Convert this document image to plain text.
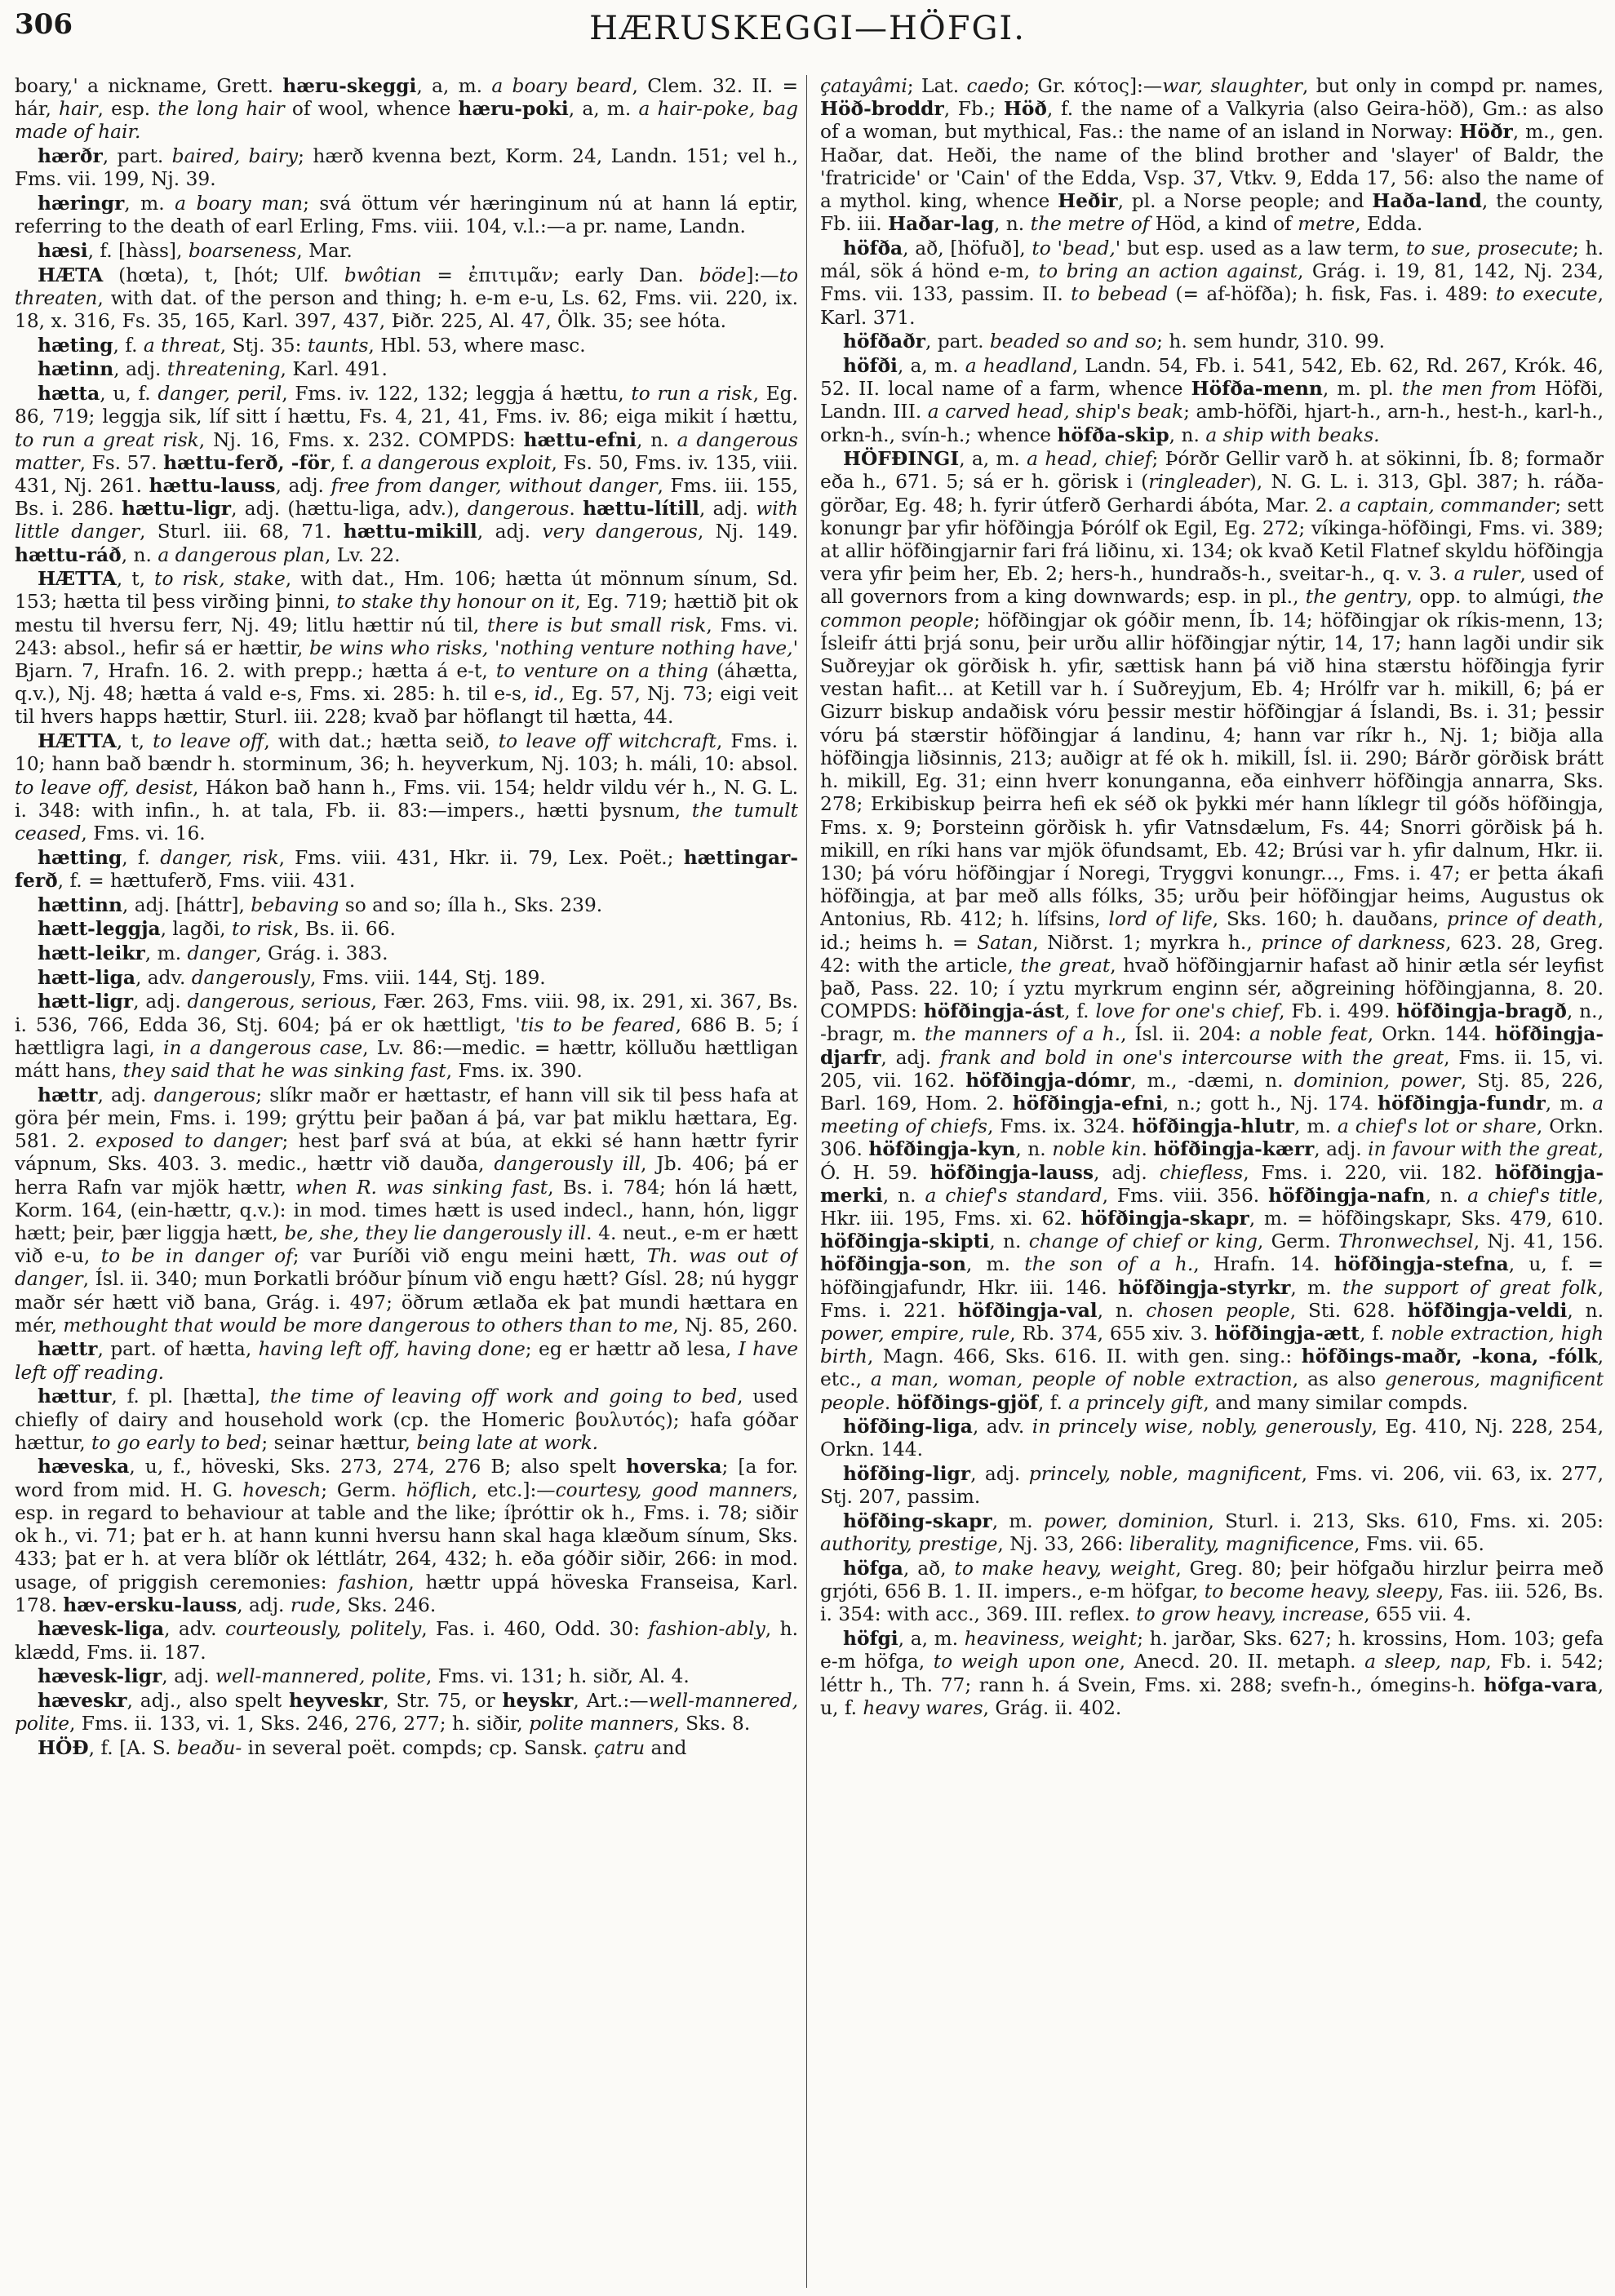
306	HÆRUSKEGGI—HÖFGI.

boary,' a nickname, Grett. hæru-skeggi, a, m. a boary beard, Clem. 32. II. = hár, hair, esp. the long hair of wool, whence hæru-poki, a, m. a hair-poke, bag made of hair.

hærðr, part. baired, bairy; hærð kvenna bezt, Korm. 24, Landn. 151; vel h., Fms. vii. 199, Nj. 39.

hæringr, m. a boary man; svá öttum vér hæringinum nú at hann lá eptir, referring to the death of earl Erling, Fms. viii. 104, v.l.:—a pr. name, Landn.

hæsi, f. [hàss], boarseness, Mar.

HÆTA (hœta), t, [hót; Ulf. bwôtian = ἐπιτιμᾶν; early Dan. böde]:—to threaten, with dat. of the person and thing; h. e-m e-u, Ls. 62, Fms. vii. 220, ix. 18, x. 316, Fs. 35, 165, Karl. 397, 437, Þiðr. 225, Al. 47, Ölk. 35; see hóta.

hæting, f. a threat, Stj. 35: taunts, Hbl. 53, where masc.

hætinn, adj. threatening, Karl. 491.

hætta, u, f. danger, peril, Fms. iv. 122, 132; leggja á hættu, to run a risk, Eg. 86, 719; leggja sik, líf sitt í hættu, Fs. 4, 21, 41, Fms. iv. 86; eiga mikit í hættu, to run a great risk, Nj. 16, Fms. x. 232. COMPDS: hættu-efni, n. a dangerous matter, Fs. 57. hættu-ferð, -för, f. a dangerous exploit, Fs. 50, Fms. iv. 135, viii. 431, Nj. 261. hættu-lauss, adj. free from danger, without danger, Fms. iii. 155, Bs. i. 286. hættu-ligr, adj. (hættu-liga, adv.), dangerous. hættu-lítill, adj. with little danger, Sturl. iii. 68, 71. hættu-mikill, adj. very dangerous, Nj. 149. hættu-ráð, n. a dangerous plan, Lv. 22.

HÆTTA, t, to risk, stake, with dat., Hm. 106; hætta út mönnum sínum, Sd. 153; hætta til þess virðing þinni, to stake thy honour on it, Eg. 719; hættið þit ok mestu til hversu ferr, Nj. 49; litlu hættir nú til, there is but small risk, Fms. vi. 243: absol., hefir sá er hættir, be wins who risks, 'nothing venture nothing have,' Bjarn. 7, Hrafn. 16. 2. with prepp.; hætta á e-t, to venture on a thing (áhætta, q.v.), Nj. 48; hætta á vald e-s, Fms. xi. 285: h. til e-s, id., Eg. 57, Nj. 73; eigi veit til hvers happs hættir, Sturl. iii. 228; kvað þar höflangt til hætta, 44.

HÆTTA, t, to leave off, with dat.; hætta seið, to leave off witchcraft, Fms. i. 10; hann bað bændr h. storminum, 36; h. heyverkum, Nj. 103; h. máli, 10: absol. to leave off, desist, Hákon bað hann h., Fms. vii. 154; heldr vildu vér h., N. G. L. i. 348: with infin., h. at tala, Fb. ii. 83:—impers., hætti þysnum, the tumult ceased, Fms. vi. 16.

hætting, f. danger, risk, Fms. viii. 431, Hkr. ii. 79, Lex. Poët.; hættingar-ferð, f. = hættuferð, Fms. viii. 431.

hættinn, adj. [háttr], bebaving so and so; ílla h., Sks. 239.

hætt-leggja, lagði, to risk, Bs. ii. 66.

hætt-leikr, m. danger, Grág. i. 383.

hætt-liga, adv. dangerously, Fms. viii. 144, Stj. 189.

hætt-ligr, adj. dangerous, serious, Fær. 263, Fms. viii. 98, ix. 291, xi. 367, Bs. i. 536, 766, Edda 36, Stj. 604; þá er ok hættligt, 'tis to be feared, 686 B. 5; í hættligra lagi, in a dangerous case, Lv. 86:—medic. = hættr, kölluðu hættligan mátt hans, they said that he was sinking fast, Fms. ix. 390.

hættr, adj. dangerous; slíkr maðr er hættastr, ef hann vill sik til þess hafa at göra þér mein, Fms. i. 199; grýttu þeir þaðan á þá, var þat miklu hættara, Eg. 581. 2. exposed to danger; hest þarf svá at búa, at ekki sé hann hættr fyrir vápnum, Sks. 403. 3. medic., hættr við dauða, dangerously ill, Jb. 406; þá er herra Rafn var mjök hættr, when R. was sinking fast, Bs. i. 784; hón lá hætt, Korm. 164, (ein-hættr, q.v.): in mod. times hætt is used indecl., hann, hón, liggr hætt; þeir, þær liggja hætt, be, she, they lie dangerously ill. 4. neut., e-m er hætt við e-u, to be in danger of; var Þuríði við engu meini hætt, Th. was out of danger, Ísl. ii. 340; mun Þorkatli bróður þínum við engu hætt? Gísl. 28; nú hyggr maðr sér hætt við bana, Grág. i. 497; öðrum ætlaða ek þat mundi hættara en mér, methought that would be more dangerous to others than to me, Nj. 85, 260.

hættr, part. of hætta, having left off, having done; eg er hættr að lesa, I have left off reading.

hættur, f. pl. [hætta], the time of leaving off work and going to bed, used chiefly of dairy and household work (cp. the Homeric βουλυτός); hafa góðar hættur, to go early to bed; seinar hættur, being late at work.

hæveska, u, f., höveski, Sks. 273, 274, 276 B; also spelt hoverska; [a for. word from mid. H. G. hovesch; Germ. höflich, etc.]:—courtesy, good manners, esp. in regard to behaviour at table and the like; íþróttir ok h., Fms. i. 78; siðir ok h., vi. 71; þat er h. at hann kunni hversu hann skal haga klæðum sínum, Sks. 433; þat er h. at vera blíðr ok léttlátr, 264, 432; h. eða góðir siðir, 266: in mod. usage, of priggish ceremonies: fashion, hættr uppá höveska Franseisa, Karl. 178. hæv-ersku-lauss, adj. rude, Sks. 246.

hævesk-liga, adv. courteously, politely, Fas. i. 460, Odd. 30: fashion-ably, h. klædd, Fms. ii. 187.

hævesk-ligr, adj. well-mannered, polite, Fms. vi. 131; h. siðr, Al. 4.

hæveskr, adj., also spelt heyveskr, Str. 75, or heyskr, Art.:—well-mannered, polite, Fms. ii. 133, vi. 1, Sks. 246, 276, 277; h. siðir, polite manners, Sks. 8.

HÖÐ, f. [A. S. beaðu- in several poët. compds; cp. Sansk. çatru and

çatayâmi; Lat. caedo; Gr. κότος]:—war, slaughter, but only in compd pr. names, Höð-broddr, Fb.; Höð, f. the name of a Valkyria (also Geira-höð), Gm.: as also of a woman, but mythical, Fas.: the name of an island in Norway: Höðr, m., gen. Haðar, dat. Heði, the name of the blind brother and 'slayer' of Baldr, the 'fratricide' or 'Cain' of the Edda, Vsp. 37, Vtkv. 9, Edda 17, 56: also the name of a mythol. king, whence Heðir, pl. a Norse people; and Haða-land, the county, Fb. iii. Haðar-lag, n. the metre of Höd, a kind of metre, Edda.

höfða, að, [höfuð], to 'bead,' but esp. used as a law term, to sue, prosecute; h. mál, sök á hönd e-m, to bring an action against, Grág. i. 19, 81, 142, Nj. 234, Fms. vii. 133, passim. II. to bebead (= af-höfða); h. fisk, Fas. i. 489: to execute, Karl. 371.

höfðaðr, part. beaded so and so; h. sem hundr, 310. 99.

höfði, a, m. a headland, Landn. 54, Fb. i. 541, 542, Eb. 62, Rd. 267, Krók. 46, 52. II. local name of a farm, whence Höfða-menn, m. pl. the men from Höfði, Landn. III. a carved head, ship's beak; amb-höfði, hjart-h., arn-h., hest-h., karl-h., orkn-h., svín-h.; whence höfða-skip, n. a ship with beaks.

HÖFÐINGI, a, m. a head, chief; Þórðr Gellir varð h. at sökinni, Íb. 8; formaðr eða h., 671. 5; sá er h. görisk i (ringleader), N. G. L. i. 313, Gþl. 387; h. ráða-görðar, Eg. 48; h. fyrir útferð Gerhardi ábóta, Mar. 2. a captain, commander; sett konungr þar yfir höfðingja Þórólf ok Egil, Eg. 272; víkinga-höfðingi, Fms. vi. 389; at allir höfðingjarnir fari frá liðinu, xi. 134; ok kvað Ketil Flatnef skyldu höfðingja vera yfir þeim her, Eb. 2; hers-h., hundraðs-h., sveitar-h., q. v. 3. a ruler, used of all governors from a king downwards; esp. in pl., the gentry, opp. to almúgi, the common people; höfðingjar ok góðir menn, Íb. 14; höfðingjar ok ríkis-menn, 13; Ísleifr átti þrjá sonu, þeir urðu allir höfðingjar nýtir, 14, 17; hann lagði undir sik Suðreyjar ok görðisk h. yfir, sættisk hann þá við hina stærstu höfðingja fyrir vestan hafit... at Ketill var h. í Suðreyjum, Eb. 4; Hrólfr var h. mikill, 6; þá er Gizurr biskup andaðisk vóru þessir mestir höfðingjar á Íslandi, Bs. i. 31; þessir vóru þá stærstir höfðingjar á landinu, 4; hann var ríkr h., Nj. 1; biðja alla höfðingja liðsinnis, 213; auðigr at fé ok h. mikill, Ísl. ii. 290; Bárðr görðisk brátt h. mikill, Eg. 31; einn hverr konunganna, eða einhverr höfðingja annarra, Sks. 278; Erkibiskup þeirra hefi ek séð ok þykki mér hann líklegr til góðs höfðingja, Fms. x. 9; Þorsteinn görðisk h. yfir Vatnsdælum, Fs. 44; Snorri görðisk þá h. mikill, en ríki hans var mjök öfundsamt, Eb. 42; Brúsi var h. yfir dalnum, Hkr. ii. 130; þá vóru höfðingjar í Noregi, Tryggvi konungr..., Fms. i. 47; er þetta ákafi höfðingja, at þar með alls fólks, 35; urðu þeir höfðingjar heims, Augustus ok Antonius, Rb. 412; h. lífsins, lord of life, Sks. 160; h. dauðans, prince of death, id.; heims h. = Satan, Niðrst. 1; myrkra h., prince of darkness, 623. 28, Greg. 42: with the article, the great, hvað höfðingjarnir hafast að hinir ætla sér leyfist það, Pass. 22. 10; í yztu myrkrum enginn sér, aðgreining höfðingjanna, 8. 20. COMPDS: höfðingja-ást, f. love for one's chief, Fb. i. 499. höfðingja-bragð, n., -bragr, m. the manners of a h., Ísl. ii. 204: a noble feat, Orkn. 144. höfðingja-djarfr, adj. frank and bold in one's intercourse with the great, Fms. ii. 15, vi. 205, vii. 162. höfðingja-dómr, m., -dæmi, n. dominion, power, Stj. 85, 226, Barl. 169, Hom. 2. höfðingja-efni, n.; gott h., Nj. 174. höfðingja-fundr, m. a meeting of chiefs, Fms. ix. 324. höfðingja-hlutr, m. a chief's lot or share, Orkn. 306. höfðingja-kyn, n. noble kin. höfðingja-kærr, adj. in favour with the great, Ó. H. 59. höfðingja-lauss, adj. chiefless, Fms. i. 220, vii. 182. höfðingja-merki, n. a chief's standard, Fms. viii. 356. höfðingja-nafn, n. a chief's title, Hkr. iii. 195, Fms. xi. 62. höfðingja-skapr, m. = höfðingskapr, Sks. 479, 610. höfðingja-skipti, n. change of chief or king, Germ. Thronwechsel, Nj. 41, 156. höfðingja-son, m. the son of a h., Hrafn. 14. höfðingja-stefna, u, f. = höfðingjafundr, Hkr. iii. 146. höfðingja-styrkr, m. the support of great folk, Fms. i. 221. höfðingja-val, n. chosen people, Sti. 628. höfðingja-veldi, n. power, empire, rule, Rb. 374, 655 xiv. 3. höfðingja-ætt, f. noble extraction, high birth, Magn. 466, Sks. 616. II. with gen. sing.: höfðings-maðr, -kona, -fólk, etc., a man, woman, people of noble extraction, as also generous, magnificent people. höfðings-gjöf, f. a princely gift, and many similar compds.

höfðing-liga, adv. in princely wise, nobly, generously, Eg. 410, Nj. 228, 254, Orkn. 144.

höfðing-ligr, adj. princely, noble, magnificent, Fms. vi. 206, vii. 63, ix. 277, Stj. 207, passim.

höfðing-skapr, m. power, dominion, Sturl. i. 213, Sks. 610, Fms. xi. 205: authority, prestige, Nj. 33, 266: liberality, magnificence, Fms. vii. 65.

höfga, að, to make heavy, weight, Greg. 80; þeir höfgaðu hirzlur þeirra með grjóti, 656 B. 1. II. impers., e-m höfgar, to become heavy, sleepy, Fas. iii. 526, Bs. i. 354: with acc., 369. III. reflex. to grow heavy, increase, 655 vii. 4.

höfgi, a, m. heaviness, weight; h. jarðar, Sks. 627; h. krossins, Hom. 103; gefa e-m höfga, to weigh upon one, Anecd. 20. II. metaph. a sleep, nap, Fb. i. 542; léttr h., Th. 77; rann h. á Svein, Fms. xi. 288; svefn-h., ómegins-h. höfga-vara, u, f. heavy wares, Grág. ii. 402.
